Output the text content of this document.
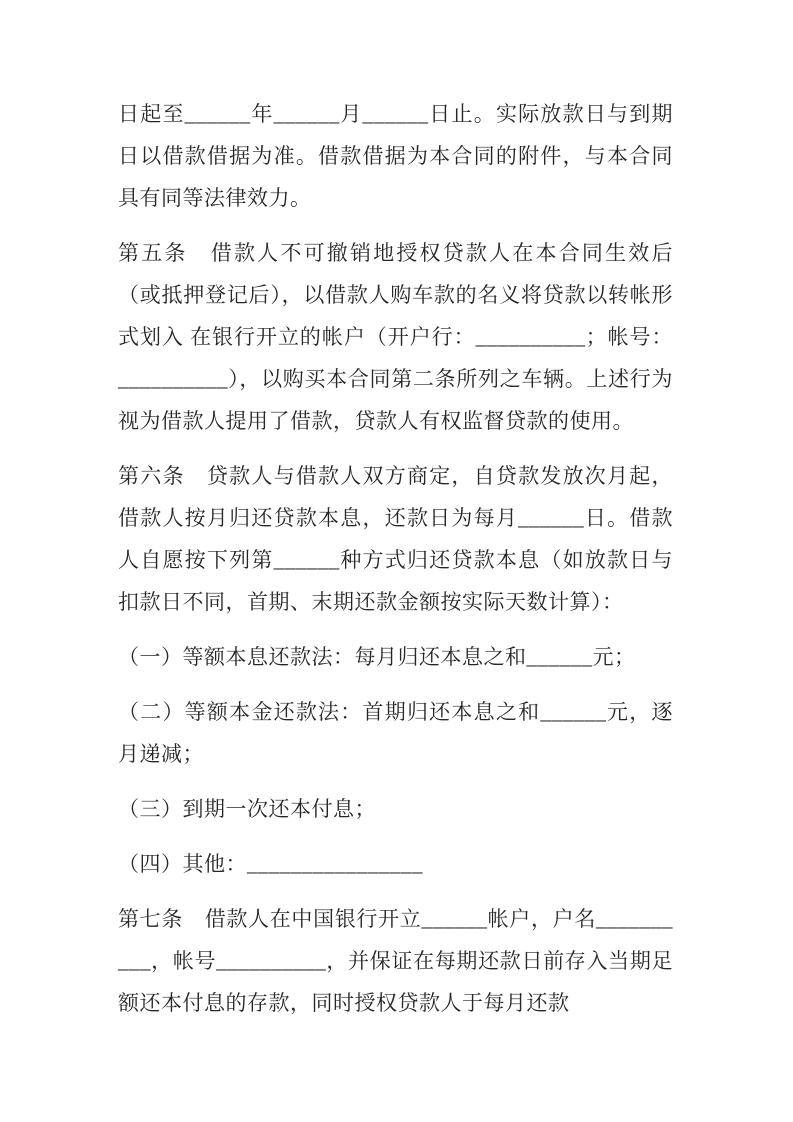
日起至______年______月______日止。实际放款日与到期日以借款借据为准。借款借据为本合同的附件，与本合同具有同等法律效力。

第五条　借款人不可撤销地授权贷款人在本合同生效后（或抵押登记后），以借款人购车款的名义将贷款以转帐形式划入 在银行开立的帐户（开户行：__________；帐号：__________），以购买本合同第二条所列之车辆。上述行为视为借款人提用了借款，贷款人有权监督贷款的使用。

第六条　贷款人与借款人双方商定，自贷款发放次月起，借款人按月归还贷款本息，还款日为每月______日。借款人自愿按下列第______种方式归还贷款本息（如放款日与扣款日不同，首期、末期还款金额按实际天数计算）：

（一）等额本息还款法：每月归还本息之和______元；

（二）等额本金还款法：首期归还本息之和______元，逐月递减；

（三）到期一次还本付息；

（四）其他：________________

第七条　借款人在中国银行开立______帐户，户名__________，帐号__________，并保证在每期还款日前存入当期足额还本付息的存款，同时授权贷款人于每月还款
